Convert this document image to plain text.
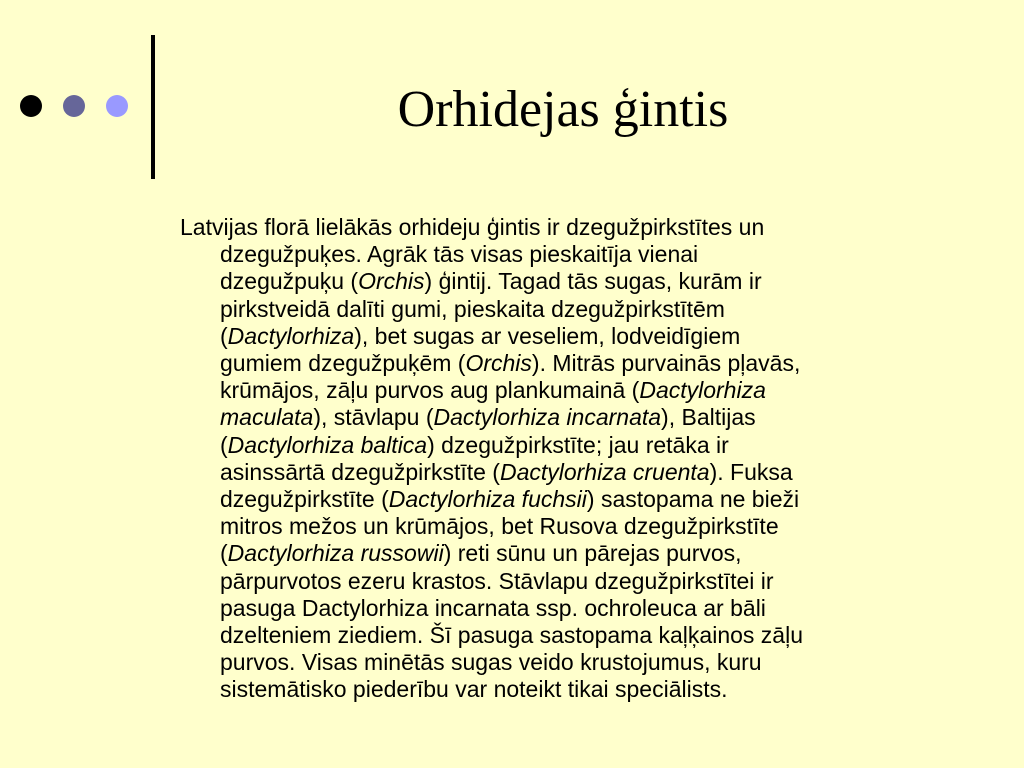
Orhidejas ģintis
Latvijas florā lielākās orhideju ģintis ir dzegužpirkstītes un
dzegužpuķes. Agrāk tās visas pieskaitīja vienai
dzegužpuķu (Orchis) ģintij. Tagad tās sugas, kurām ir
pirkstveidā dalīti gumi, pieskaita dzegužpirkstītēm
(Dactylorhiza), bet sugas ar veseliem, lodveidīgiem
gumiem dzegužpuķēm (Orchis). Mitrās purvainās pļavās,
krūmājos, zāļu purvos aug plankumainā (Dactylorhiza
maculata), stāvlapu (Dactylorhiza incarnata), Baltijas
(Dactylorhiza baltica) dzegužpirkstīte; jau retāka ir
asinssārtā dzegužpirkstīte (Dactylorhiza cruenta). Fuksa
dzegužpirkstīte (Dactylorhiza fuchsii) sastopama ne bieži
mitros mežos un krūmājos, bet Rusova dzegužpirkstīte
(Dactylorhiza russowii) reti sūnu un pārejas purvos,
pārpurvotos ezeru krastos. Stāvlapu dzegužpirkstītei ir
pasuga Dactylorhiza incarnata ssp. ochroleuca ar bāli
dzelteniem ziediem. Šī pasuga sastopama kaļķainos zāļu
purvos. Visas minētās sugas veido krustojumus, kuru
sistemātisko piederību var noteikt tikai speciālists.
